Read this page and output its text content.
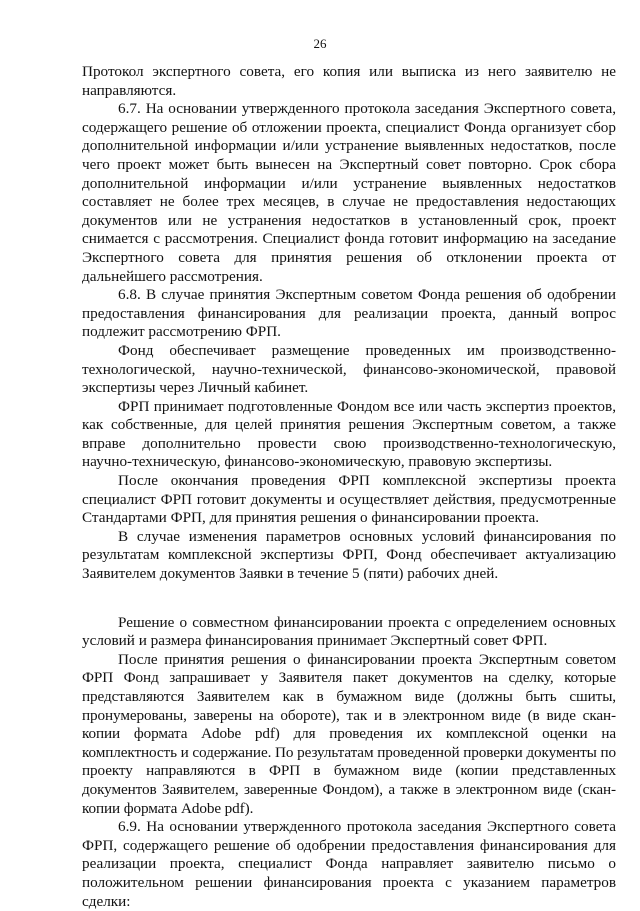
26

Протокол экспертного совета, его копия или выписка из него заявителю не направляются.

6.7. На основании утвержденного протокола заседания Экспертного совета, содержащего решение об отложении проекта, специалист Фонда организует сбор дополнительной информации и/или устранение выявленных недостатков, после чего проект может быть вынесен на Экспертный совет повторно. Срок сбора дополнительной информации и/или устранение выявленных недостатков составляет не более трех месяцев, в случае не предоставления недостающих документов или не устранения недостатков в установленный срок, проект снимается с рассмотрения. Специалист фонда готовит информацию на заседание Экспертного совета для принятия решения об отклонении проекта от дальнейшего рассмотрения.

6.8. В случае принятия Экспертным советом Фонда решения об одобрении предоставления финансирования для реализации проекта, данный вопрос подлежит рассмотрению ФРП.

Фонд обеспечивает размещение проведенных им производственно-технологической, научно-технической, финансово-экономической, правовой экспертизы через Личный кабинет.

ФРП принимает подготовленные Фондом все или часть экспертиз проектов, как собственные, для целей принятия решения Экспертным советом, а также вправе дополнительно провести свою производственно-технологическую, научно-техническую, финансово-экономическую, правовую экспертизы.

После окончания проведения ФРП комплексной экспертизы проекта специалист ФРП готовит документы и осуществляет действия, предусмотренные Стандартами ФРП, для принятия решения о финансировании проекта.

В случае изменения параметров основных условий финансирования по результатам комплексной экспертизы ФРП, Фонд обеспечивает актуализацию Заявителем документов Заявки в течение 5 (пяти) рабочих дней.

Решение о совместном финансировании проекта с определением основных условий и размера финансирования принимает Экспертный совет ФРП.

После принятия решения о финансировании проекта Экспертным советом ФРП Фонд запрашивает у Заявителя пакет документов на сделку, которые представляются Заявителем как в бумажном виде (должны быть сшиты, пронумерованы, заверены на обороте), так и в электронном виде (в виде скан-копии формата Adobe pdf) для проведения их комплексной оценки на комплектность и содержание. По результатам проведенной проверки документы по проекту направляются в ФРП в бумажном виде (копии представленных документов Заявителем, заверенные Фондом), а также в электронном виде (скан-копии формата Adobe pdf).

6.9. На основании утвержденного протокола заседания Экспертного совета ФРП, содержащего решение об одобрении предоставления финансирования для реализации проекта, специалист Фонда направляет заявителю письмо о положительном решении финансирования проекта с указанием параметров сделки:
